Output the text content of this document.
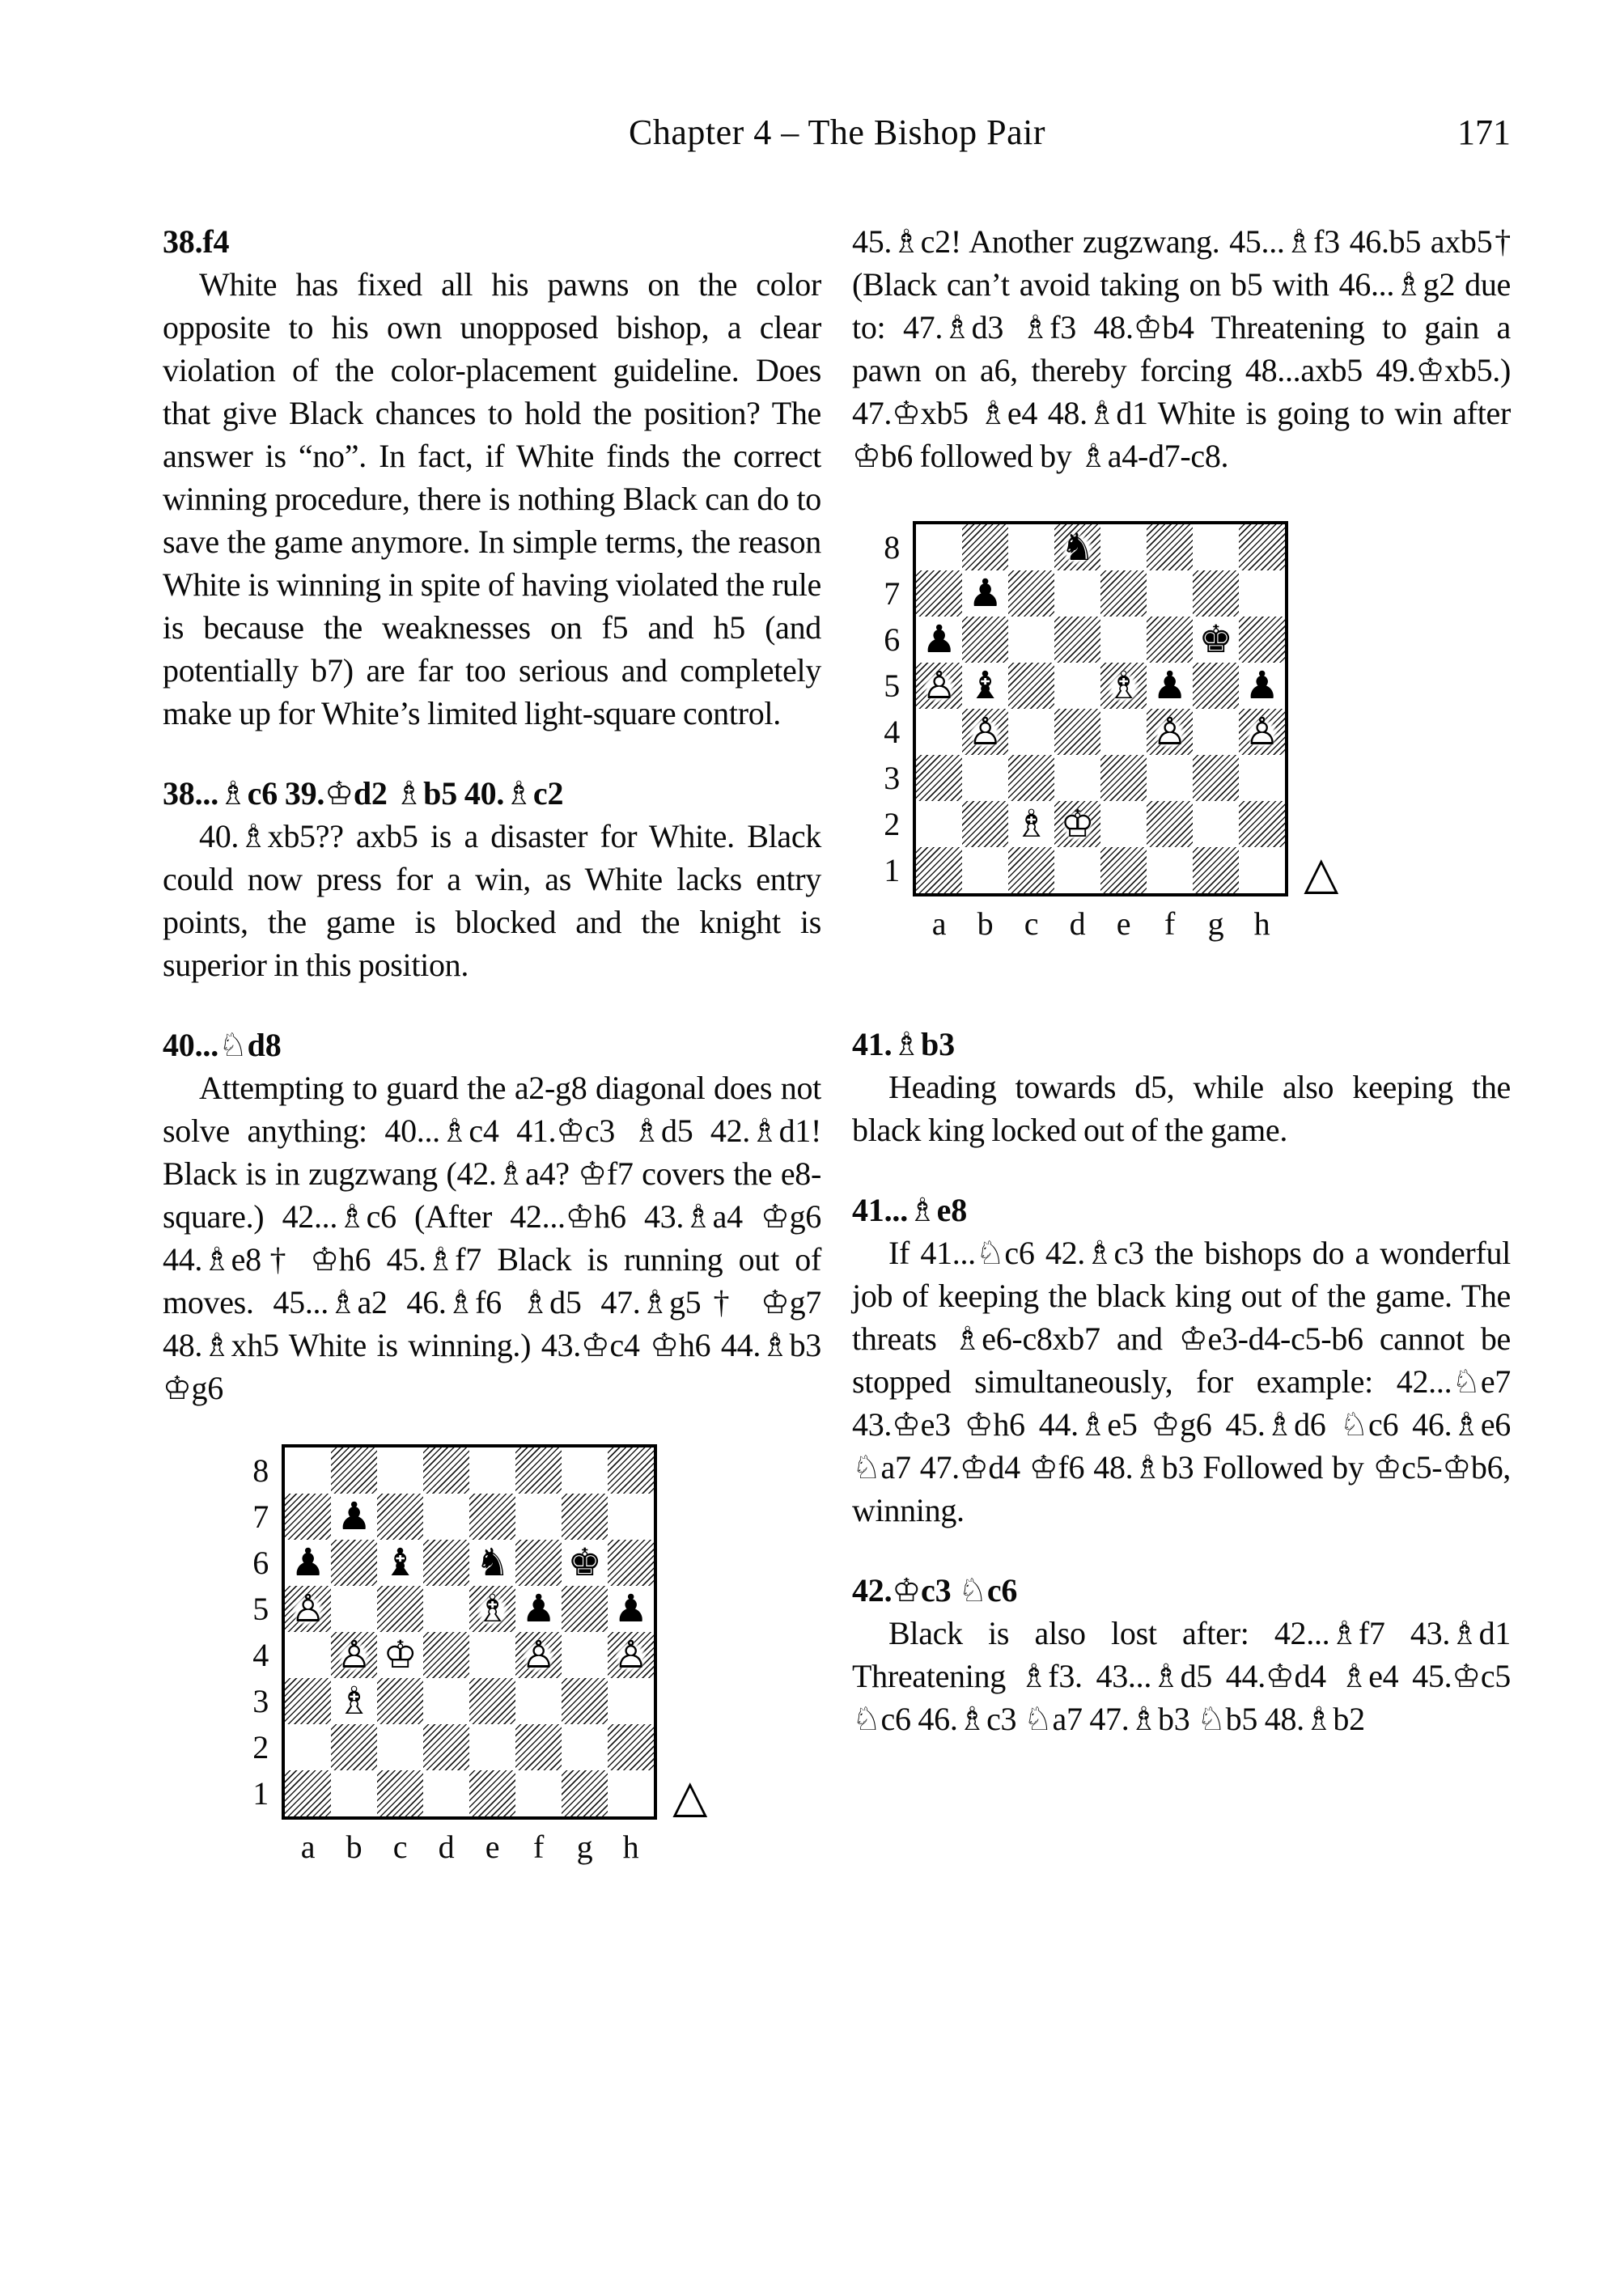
Chapter 4 – The Bishop Pair	171
38.f4

White has fixed all his pawns on the color opposite to his own unopposed bishop, a clear violation of the color-placement guideline. Does that give Black chances to hold the position? The answer is “no”. In fact, if White finds the correct winning procedure, there is nothing Black can do to save the game anymore. In simple terms, the reason White is winning in spite of having violated the rule is because the weaknesses on f5 and h5 (and potentially b7) are far too serious and completely make up for White’s limited light-square control.

38...♗c6 39.♔d2 ♗b5 40.♗c2

40.♗xb5?? axb5 is a disaster for White. Black could now press for a win, as White lacks entry points, the game is blocked and the knight is superior in this position.

40...♘d8

Attempting to guard the a2-g8 diagonal does not solve anything: 40...♗c4 41.♔c3 ♗d5 42.♗d1! Black is in zugzwang (42.♗a4? ♔f7 covers the e8-square.) 42...♗c6 (After 42...♔h6 43.♗a4 ♔g6 44.♗e8† ♔h6 45.♗f7 Black is running out of moves. 45...♗a2 46.♗f6 ♗d5 47.♗g5† ♔g7 48.♗xh5 White is winning.) 43.♔c4 ♔h6 44.♗b3 ♔g6

8
7
6
5
4
3
2
1
♟
♟ ♝ ♞ ♚
♙	♗ ♟ ♟
♙ ♔	♙ ♙
♗
△
a b c d e	f	g h

45.♗c2! Another zugzwang. 45...♗f3 46.b5 axb5† (Black can’t avoid taking on b5 with 46...♗g2 due to: 47.♗d3 ♗f3 48.♔b4 Threatening to gain a pawn on a6, thereby forcing 48...axb5 49.♔xb5.) 47.♔xb5 ♗e4 48.♗d1 White is going to win after ♔b6 followed by ♗a4-d7-c8.

8
7
6
5
4
3
2
1
♞
♟
♟	♚
♙ ♝	♗ ♟ ♟
♙	♙ ♙
♗ ♔
△
a b c d e	f	g h
41.♗b3

Heading towards d5, while also keeping the black king locked out of the game.

41...♗e8

If 41...♘c6 42.♗c3 the bishops do a wonderful job of keeping the black king out of the game. The threats ♗e6-c8xb7 and ♔e3-d4-c5-b6 cannot be stopped simultaneously, for example: 42...♘e7 43.♔e3 ♔h6 44.♗e5 ♔g6 45.♗d6 ♘c6 46.♗e6 ♘a7 47.♔d4 ♔f6 48.♗b3 Followed by ♔c5-♔b6, winning.

42.♔c3 ♘c6

Black is also lost after: 42...♗f7 43.♗d1 Threatening ♗f3. 43...♗d5 44.♔d4 ♗e4 45.♔c5 ♘c6 46.♗c3 ♘a7 47.♗b3 ♘b5 48.♗b2
